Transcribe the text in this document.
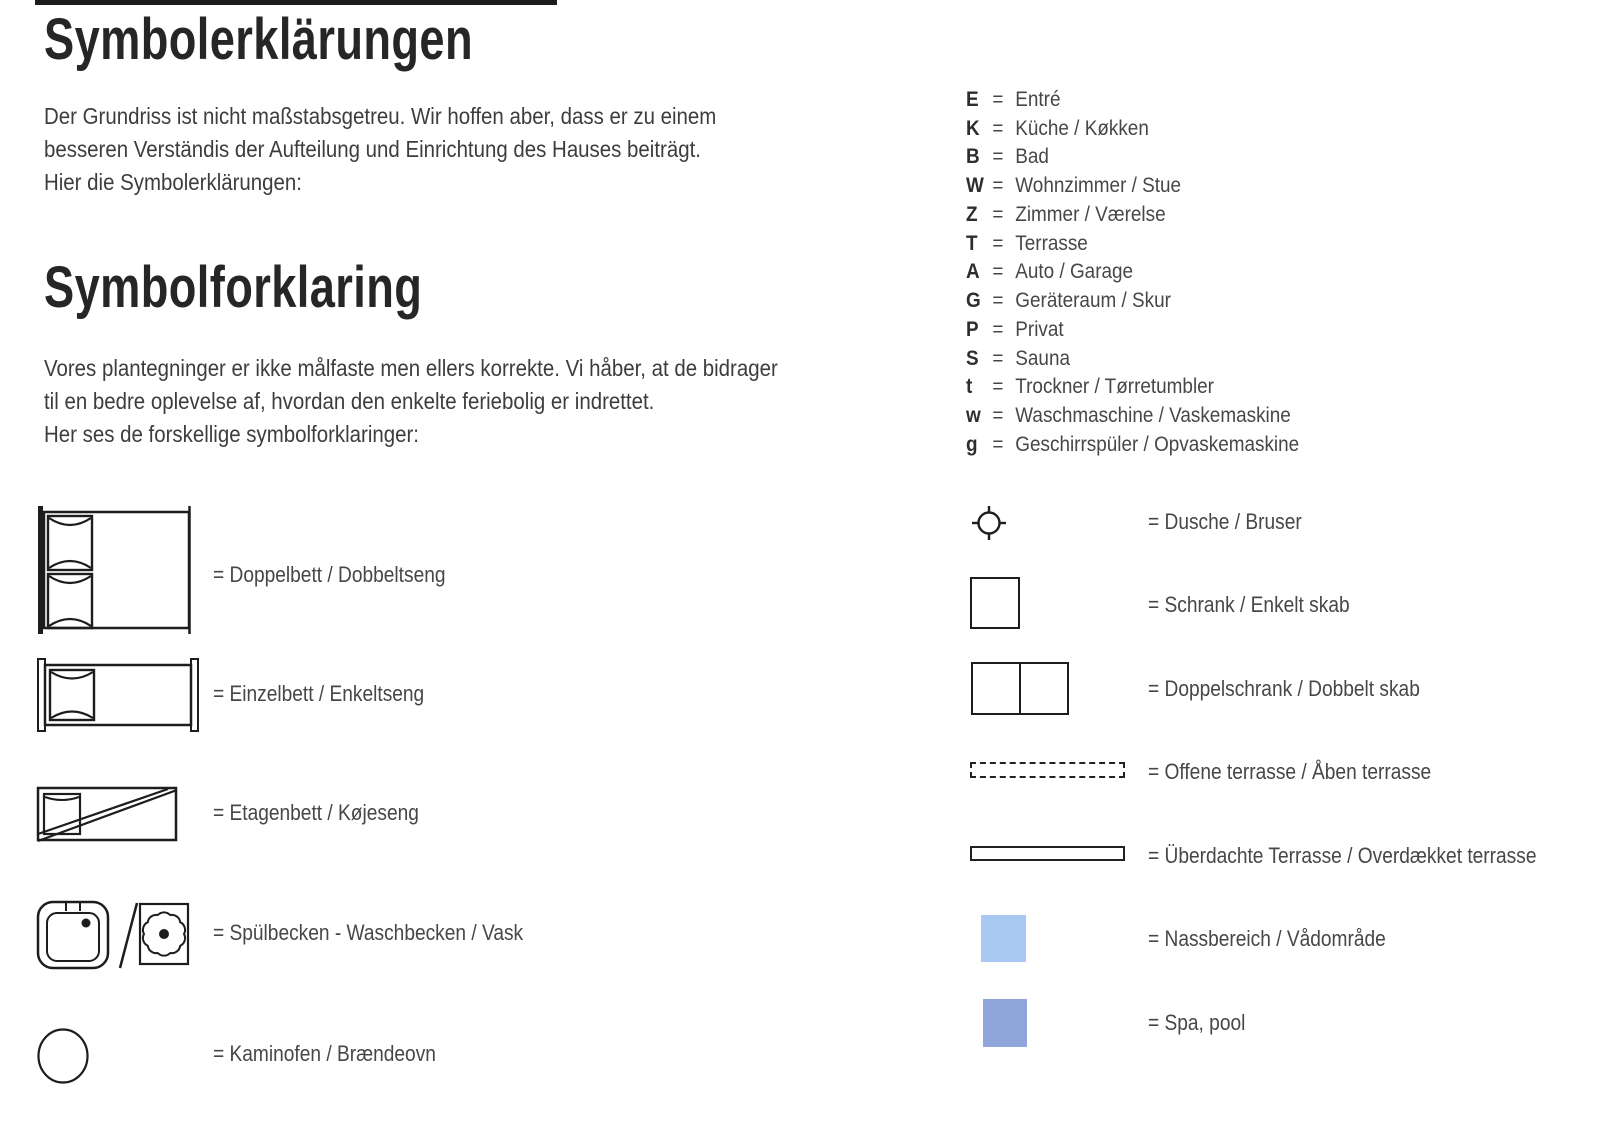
Symbolerklärungen
Der Grundriss ist nicht maßstabsgetreu. Wir hoffen aber, dass er zu einem
besseren Verständis der Aufteilung und Einrichtung des Hauses beiträgt.
Hier die Symbolerklärungen:
Symbolforklaring
Vores plantegninger er ikke målfaste men ellers korrekte. Vi håber, at de bidrager
til en bedre oplevelse af, hvordan den enkelte feriebolig er indrettet.
Her ses de forskellige symbolforklaringer:
= Doppelbett / Dobbeltseng
= Einzelbett / Enkeltseng
= Etagenbett / Køjeseng
= Spülbecken - Waschbecken / Vask
= Kaminofen / Brændeovn
E = Entré
K = Küche / Køkken
B = Bad
W = Wohnzimmer / Stue
Z = Zimmer / Værelse
T = Terrasse
A = Auto / Garage
G = Geräteraum / Skur
P = Privat
S = Sauna
t = Trockner / Tørretumbler
w = Waschmaschine / Vaskemaskine
g = Geschirrspüler / Opvaskemaskine
= Dusche / Bruser
= Schrank / Enkelt skab
= Doppelschrank / Dobbelt skab
= Offene terrasse / Åben terrasse
= Überdachte Terrasse / Overdækket terrasse
= Nassbereich / Vådområde
= Spa, pool
